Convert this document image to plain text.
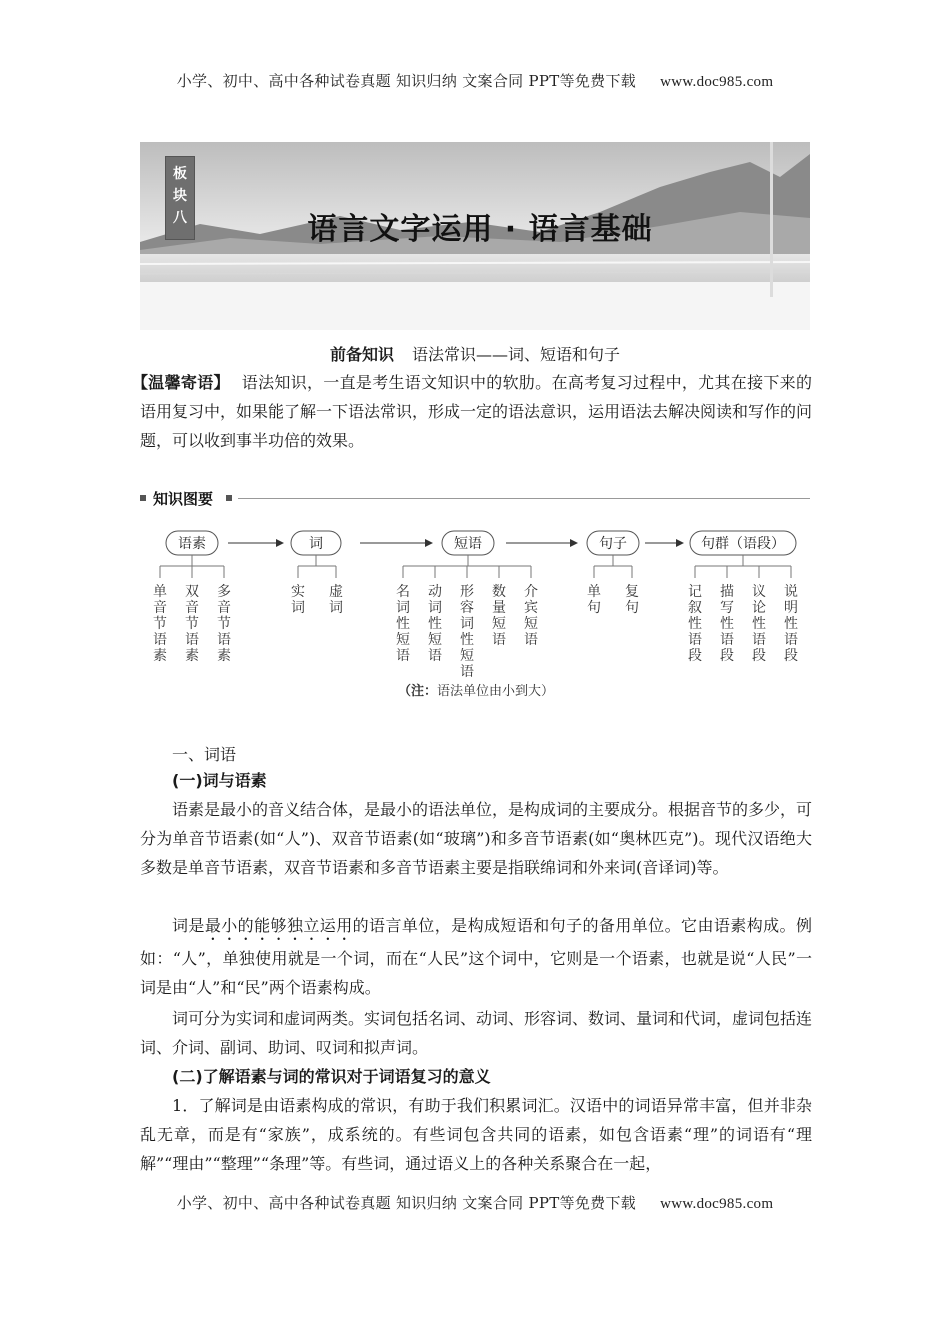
小学、初中、高中各种试卷真题 知识归纳 文案合同 PPT等免费下载 www.doc985.com
板
块
八	语言文字运用 · 语言基础
前备知识 语法常识——词、短语和句子
【温馨寄语】 语法知识，一直是考生语文知识中的软肋。在高考复习过程中，尤其在接下来的语用复习中，如果能了解一下语法常识，形成一定的语法意识，运用语法去解决阅读和写作的问题，可以收到事半功倍的效果。
知识图要
语素	词	短语	句子	句群（语段）
单音节语素
双音节语素
多音节语素
实词
虚词
名词性短语
动词性短语
形容词性短语
数量短语
介宾短语
单句
复句
记叙性语段
描写性语段
议论性语段
说明性语段
（注：语法单位由小到大）
一、词语
(一)词与语素
语素是最小的音义结合体，是最小的语法单位，是构成词的主要成分。根据音节的多少，可分为单音节语素(如“人”)、双音节语素(如“玻璃”)和多音节语素(如“奥林匹克”)。现代汉语绝大多数是单音节语素，双音节语素和多音节语素主要是指联绵词和外来词(音译词)等。
词是最小的能够独立运用的语言单位，是构成短语和句子的备用单位。它由语素构成。例如：“人”，单独使用就是一个词，而在“人民”这个词中，它则是一个语素，也就是说“人民”一词是由“人”和“民”两个语素构成。
词可分为实词和虚词两类。实词包括名词、动词、形容词、数词、量词和代词，虚词包括连词、介词、副词、助词、叹词和拟声词。
(二)了解语素与词的常识对于词语复习的意义
1．了解词是由语素构成的常识，有助于我们积累词汇。汉语中的词语异常丰富，但并非杂乱无章，而是有“家族”，成系统的。有些词包含共同的语素，如包含语素“理”的词语有“理解”“理由”“整理”“条理”等。有些词，通过语义上的各种关系聚合在一起，
小学、初中、高中各种试卷真题 知识归纳 文案合同 PPT等免费下载 www.doc985.com
